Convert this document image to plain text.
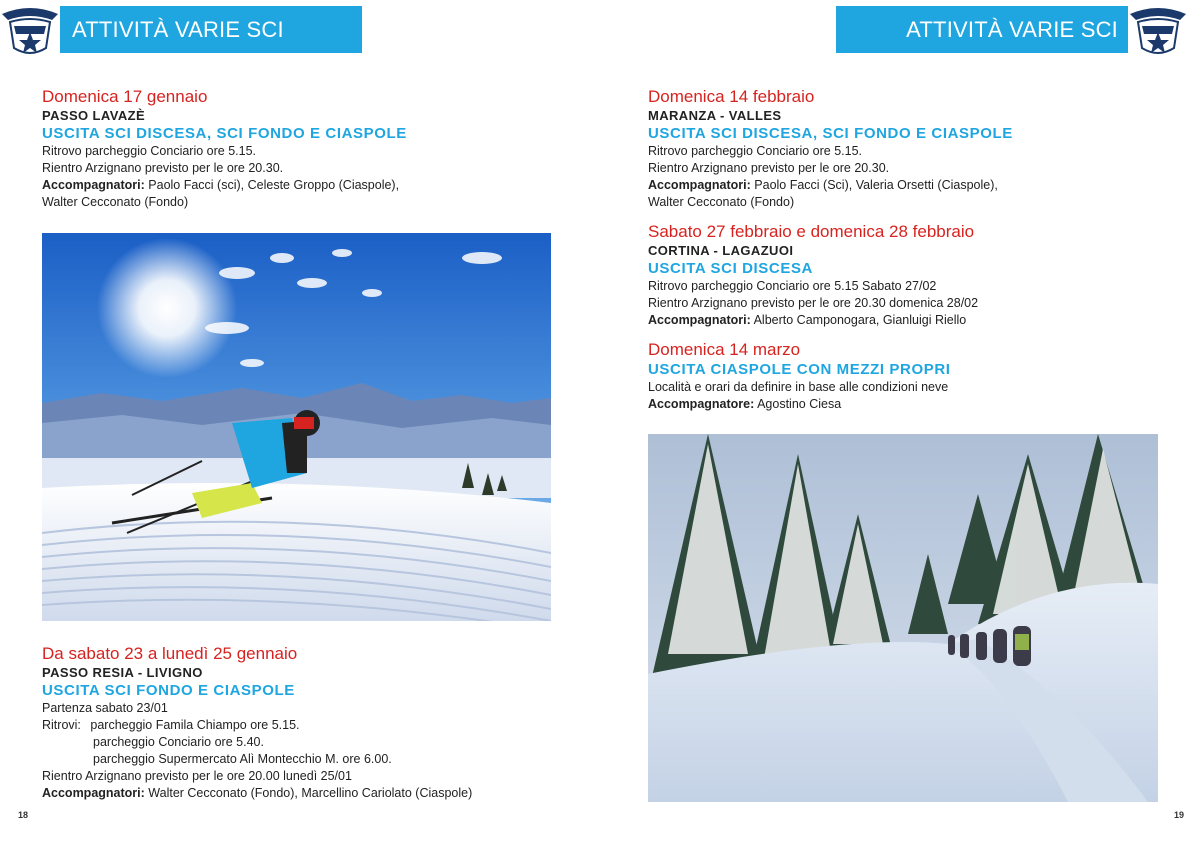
ATTIVITÀ VARIE SCI
Domenica 17 gennaio
PASSO LAVAZÈ
USCITA SCI DISCESA, SCI FONDO E CIASPOLE
Ritrovo parcheggio Conciario ore 5.15.
Rientro Arzignano previsto per le ore 20.30.
Accompagnatori: Paolo Facci (sci), Celeste Groppo (Ciaspole),
Walter Cecconato (Fondo)
Da sabato 23 a lunedì 25 gennaio
PASSO RESIA - LIVIGNO
USCITA SCI FONDO E CIASPOLE
Partenza sabato 23/01
Ritrovi: parcheggio Famila Chiampo ore 5.15.
parcheggio Conciario ore 5.40.
parcheggio Supermercato Alì Montecchio M. ore 6.00.
Rientro Arzignano previsto per le ore 20.00 lunedì 25/01
Accompagnatori: Walter Cecconato (Fondo), Marcellino Cariolato (Ciaspole)
18
ATTIVITÀ VARIE SCI
Domenica 14 febbraio
MARANZA - VALLES
USCITA SCI DISCESA, SCI FONDO E CIASPOLE
Ritrovo parcheggio Conciario ore 5.15.
Rientro Arzignano previsto per le ore 20.30.
Accompagnatori: Paolo Facci (Sci), Valeria Orsetti (Ciaspole),
Walter Cecconato (Fondo)
Sabato 27 febbraio e domenica 28 febbraio
CORTINA - LAGAZUOI
USCITA SCI DISCESA
Ritrovo parcheggio Conciario ore 5.15 Sabato 27/02
Rientro Arzignano previsto per le ore 20.30 domenica 28/02
Accompagnatori: Alberto Camponogara, Gianluigi Riello
Domenica 14 marzo
USCITA CIASPOLE CON MEZZI PROPRI
Località e orari da definire in base alle condizioni neve
Accompagnatore: Agostino Ciesa
19
